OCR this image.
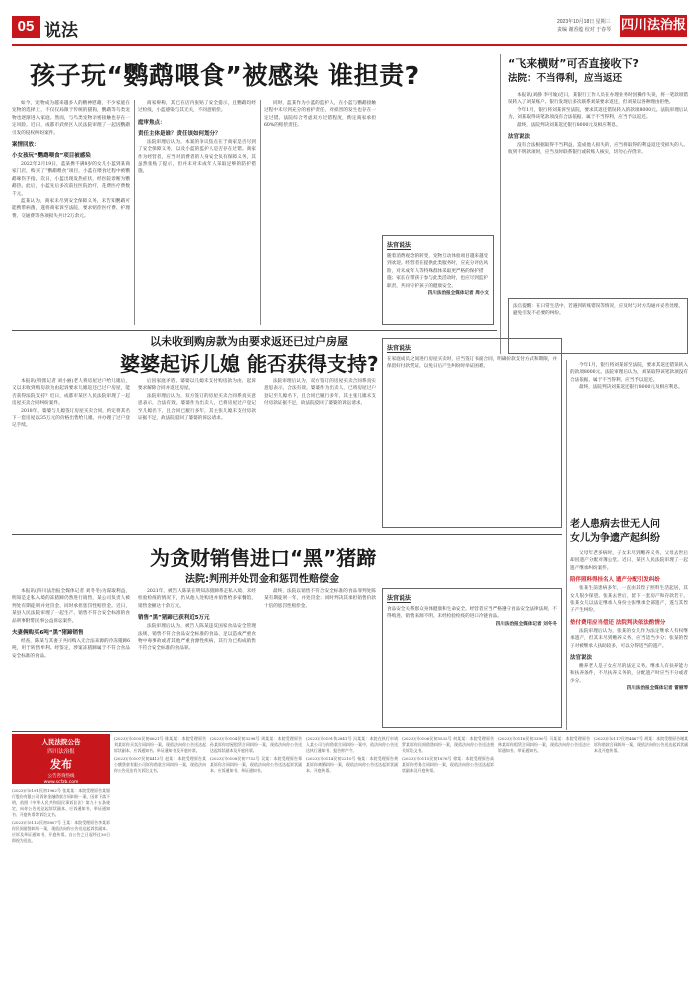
05 说法	2023年10月18日 星期三
责编 谢香蕴 校对 于春琴 四川法治报
孩子玩“鹦鹉喂食”被感染 谁担责?

如今，宠物成为越来越多人的精神慰藉，不少家庭在宠物的选择上，不仅仅局限于传统的猫狗，鹦鹉等鸟类宠物也逐渐进入家庭。然而，与鸟类宠物亲密接触也存在一定风险。近日，成都市武侯区人民法院审理了一起因鹦鹉引发的侵权纠纷案件。

案情回放：
小女孩玩“鹦鹉喂食”项目被感染

2022年2月19日，蓝某携不满8岁的女儿小蓝到某商家门店，购买了“鹦鹉喂食”项目，小蓝在喂食过程中被鹦鹉啄伤手指。次日，小蓝出现发热症状，经医院诊断为鹦鹉热。此后，小蓝先后多次前往医院治疗，花费医疗费数千元。

蓝某认为，商家未尽到安全保障义务，未告知鹦鹉可能携带病菌，遂将商家诉至法院，要求赔偿医疗费、护理费、交通费等各项损失共计2万余元。

商家辩称，其已在店内张贴了安全提示，且鹦鹉均经过检疫，小蓝感染与其无关，不同意赔偿。

庭审焦点：
责任主体是谁？责任该如何划分？

法院审理后认为，本案的争议焦点在于商家是否尽到了安全保障义务，以及小蓝的监护人是否存在过错。商家作为经营者，应当对消费者的人身安全负有保障义务，其虽然张贴了提示，但并未对未成年人采取足够的防护措施。

同时，蓝某作为小蓝的监护人，在小蓝与鹦鹉接触过程中未尽到充分的看护责任，对损害的发生也存在一定过错。法院综合考虑双方过错程度，酌定商家承担60%的赔偿责任。

法官说法

随着消费观念的转变，宠物互动体验项目越来越受到欢迎。经营者在提供此类服务时，应充分评估风险，对未成年人等特殊群体采取更严格的保护措施；家长在带孩子参与此类活动时，也应尽到监护职责，共同守护孩子的健康安全。

四川法治报全媒体记者 周小文

“飞来横财”可否直接收下?
法院：不当得利，应当返还

本报讯(刘静 李可瑜)近日，某银行工作人员在办理业务时因操作失误，将一笔款项错误转入了刘某账户。银行发现后多次联系刘某要求返还，但刘某以各种理由拒绝。

今年1月，银行将刘某诉至法院，要求其返还错误转入的款项8000元。法院审理后认为，刘某取得该笔款项没有合法依据，属于不当得利，应当予以返还。

最终，法院判决刘某返还银行8000元及相应利息。

法官说法

没有合法根据取得不当利益，造成他人损失的，应当将取得的利益返还受损失的人。收到不明款项时，应当及时联系银行或转账人核实，切勿心存侥幸。

法官提醒：在日常生活中，若遇到转账错误等情况，应及时与对方沟通并妥善处理，避免引发不必要的纠纷。

以未收到购房款为由要求返还已过户房屋
婆婆起诉儿媳 能否获得支持?

本报讯(特派记者 刘小丽)老人将房屋过户给儿媳后，又以未收到购房款为由起诉要求儿媳返还已过户房屋，能否获得法院支持？近日，成都市某区人民法院审理了一起房屋买卖合同纠纷案件。

2018年，婆婆与儿媳签订房屋买卖合同，约定将其名下一套房屋以35万元的价格出售给儿媳，并办理了过户登记手续。

后因家庭矛盾，婆婆以儿媳未支付购房款为由，起诉要求解除合同并返还房屋。

法院审理后认为，双方签订的房屋买卖合同系真实意思表示，合法有效。婆婆作为出卖人，已将房屋过户登记至儿媳名下，且合同已履行多年，其主张儿媳未支付房款证据不足，故法院驳回了婆婆的诉讼请求。

法院审理后认为，双方签订的房屋买卖合同系真实意思表示，合法有效。婆婆作为出卖人，已将房屋过户登记至儿媳名下，且合同已履行多年，其主张儿媳未支付房款证据不足，故法院驳回了婆婆的诉讼请求。

法官说法

在家庭成员之间进行房屋买卖时，应当签订书面合同，明确价款支付方式和期限，并保留好付款凭证，以免日后产生纠纷时举证困难。	今年1月，银行将刘某诉至法院，要求其返还错误转入的款项8000元。法院审理后认为，刘某取得该笔款项没有合法依据，属于不当得利，应当予以返还。

最终，法院判决刘某返还银行8000元及相应利息。

老人患病去世无人问
女儿为争遗产起纠纷

父母年老多病时，子女未尽到赡养义务，父母去世后却因遗产分配对簿公堂。近日，某区人民法院审理了一起遗产继承纠纷案件。

陪伴照料得挂名人 遗产分配引发纠纷

张某生前患病多年，一直由其侄子照料生活起居，其女儿很少探望。张某去世后，留下一套房产和存款若干。张某女儿以法定继承人身份主张继承全部遗产，遂与其侄子产生纠纷。

垫付费用应当偿还 法院判决依法酌情分

法院审理后认为，张某的女儿作为法定继承人有权继承遗产，但其未尽到赡养义务，应当适当少分；张某的侄子对被继承人扶助较多，可以分得适当的遗产。

法官说法

赡养老人是子女应尽的法定义务。继承人有扶养能力和扶养条件，不尽扶养义务的，分配遗产时应当不分或者少分。

四川法治报全媒体记者 雷丽琴

为贪财销售进口“黑”猪蹄
法院:判刑并处罚金和惩罚性赔偿金

本报讯(四川法治报全媒体记者 刘冬冬)为谋取利益，明知是走私入境的冻猪蹄仍然进行销售，某公司负责人被判处有期徒刑并处罚金，同时承担惩罚性赔偿金。近日，某县人民法院审理了一起生产、销售不符合安全标准的食品刑事附带民事公益诉讼案件。

夫妻俩购买6吨“黑”猪蹄销售

经查，陈某与其妻子共同购入无合法来源的冷冻猪蹄6吨，用于转售牟利。经鉴定，涉案冻猪蹄属于不符合食品安全标准的食品。

2021年，被告人陈某在明知冻猪蹄系走私入境、未经检验检疫的情况下，仍从他人处购进并销售给多家餐馆，销售金额达十余万元。

销售“黑”猪蹄已获利近5万元

法院审理后认为，被告人陈某违反国家食品安全管理法规，销售不符合食品安全标准的食品，足以造成严重食物中毒事故或者其他严重食源性疾病，其行为已构成销售不符合安全标准的食品罪。

最终，法院以销售不符合安全标准的食品罪判处陈某有期徒刑一年，并处罚金；同时判决其承担销售价款十倍的惩罚性赔偿金。

法官说法

食品安全关系群众身体健康和生命安全。经营者应当严格遵守食品安全法律法规，不得购进、销售来源不明、未经检验检疫的进口冷链食品。

四川法治报全媒体记者 刘冬冬

人民法院公告
四川法治报
发布
公告咨询热线
www.scfzb.com

(2023)川0191民初1962号 张某某：本院受理原告某银行股份有限公司诉你金融借款合同纠纷一案，因你下落不明，依照《中华人民共和国民事诉讼法》第九十五条规定，向你公告送达起诉状副本、应诉通知书、举证通知书、开庭传票等诉讼文书。

(2023)川0112民初5807号 王某：本院受理原告李某诉你民间借贷纠纷一案，现依法向你公告送达起诉状副本、应诉及举证通知书、开庭传票。自公告之日起经过30日即视为送达。

(2023)川0105民初6621号 陈某某：本院受理原告刘某诉你买卖合同纠纷一案，现依法向你公告送达起诉状副本、应诉通知书、举证通知书及开庭传票。

(2023)川0107民初4413号 赵某：本院受理原告某小额贷款有限公司诉你借款合同纠纷一案，现依法向你公告送达有关诉讼文书。

(2023)川0104民初3298号 周某某：本院受理原告孙某诉你房屋租赁合同纠纷一案，现依法向你公告送达起诉状副本及开庭传票。

(2023)川0108民初7752号 吴某：本院受理原告郑某诉你合同纠纷一案，现依法向你公告送达起诉状副本、应诉通知书、举证通知书。

(2023)川0191执2841号 冯某某：本院在执行申请人某公司与你借款合同纠纷一案中，依法向你公告送达执行通知书、报告财产令。

(2023)川0114民初2210号 杨某：本院受理原告黄某诉你离婚纠纷一案，现依法向你公告送达起诉状副本、开庭传票。

(2023)川0106民初5532号 何某某：本院受理原告罗某诉你民间借贷纠纷一案，现依法向你公告送达相关诉讼文书。

(2023)川0115民初1876号 徐某：本院受理原告高某诉你劳务合同纠纷一案，现依法向你公告送达起诉状副本及开庭传票。

(2023)川0116民初3390号 马某某：本院受理原告林某诉你租赁合同纠纷一案，现依法向你公告送达应诉通知书、举证通知书。

(2023)川0117民初4467号 胡某：本院受理原告谢某诉你借款合同纠纷一案，现依法向你公告送达起诉状副本及开庭传票。
